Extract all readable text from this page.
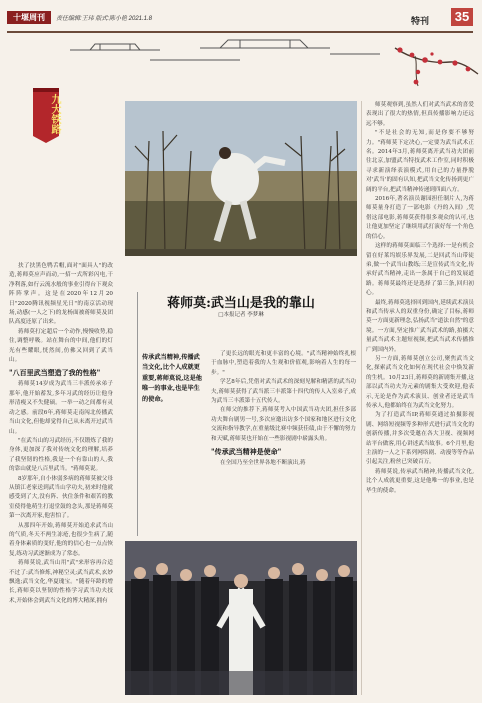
十堰周刊	责任编辑:王玮 版式:陈小艳 2021.1.8	特刊 35
九大铁路
蒋师莫:武当山是我的靠山
□本报记者 李梦琳

扶了扶黑色鸭舌帽,面对"面具人"的改造,蒋师莫应声而动,一招一式所彩闪电,干净利落,如行云流水般的事业引得台下观众阵阵掌声。这是在2020年12月20日"2020腾讯视频星光日"的南京活动现场,动感(一人之下)的龙杨面被蒋师莫及团队高度还原了出来。

蒋师莫打定超后一个动作,慢慢收势,稳住,调整呼吸。站在舞台的中间,他们的灯光有些耀眼,恍然间,仿佛又回到了武当山。

"八百里武当塑造了我的性格"

蒋师莫14岁成为武当三丰派传承弟子那年,他开始蓄发,多年习武的经历让他身形清瘦又不失健硕。一举一动之间都有灵动之感。前段6年,蒋师莫走南闯北传播武当山文化,但他却觉得自己从未离开过武当山。

"在武当山的习武经历,不仅锻炼了我的身体,更加深了我对传统文化的理解,培养了我坚韧的性格,我是一个有靠山的人,我的靠山就是八百里武当。"蒋师莫说。

8岁那年,自小体弱多病的蒋师莫被父母从镇江老家送到武当山学功夫,初来时他就感受到了大,没有阵、伙住条件和艰苦的教室使得他萌生打退堂鼓的念头,那是蒋师莫第一次离开家,他害怕了。

从那四年开始,蒋师莫开始追求武当山的气质,冬天不两生冻疮,也很少生病了,随着身体素质的变好,他的的信心也一点点恢复,练功习武逐渐成为了常态。

蒋师莫说,武当山用"武"来形容再合适不过了:武当修炼,神秘空灵;武当武术,玄妙飘逸;武当文化,华夏瑰宝。"随着年龄的增长,蒋师莫以坚韧的性格学习武当功夫技术,开始体会到武当文化的博大精深,拥有

传承武当精神,传播武当文化,比个人成就更重要,蒋师莫说,这是他唯一的事业,也是毕生的使命。

了更长远的眼光和更丰富的心境。"武当精神始终扎根于血脉中,塑造着我的人生观和价值观,影响着人生的每一步。"

学艺8年后,凭借对武当武术的深刻见解和精湛的武当功夫,蒋师莫获得了武当派三丰派第十四代的传人入室弟子,成为武当三丰派第十五代传人。

在师父的推荐下,蒋师莫考入中国武当功夫团,担任多部功夫舞台剧男一号,多次应邀出访多个国家和地区进行文化交流和指导教学,在重量级比赛中频获佳绩,由于不懈的努力和天赋,蒋师莫也开始在一些影视剧中崭露头角。

"传承武当精神是使命"

在全国乃至全世界各地不断演出,蒋

师莫观察到,虽然人们对武当武术的喜爱表现出了很大的热情,但真传播影响力还远远不够。

"不是社会的无知,而是你要不够努力。"蒋师莫下定决心,一定要为武当武术正名。2014年3月,蒋师莫离开武当功夫团前往北京,加盟武当特技武术工作室,同时积极寻求新演绎表演模式,用自己的力量挣脱对'武当'的固有认知,把武当文化传扬到更广阔的平台,把武当精神传递到四面八方。

2016年,著名演员谢园担任制片人,为蒋师莫量身打造了一部电影《丹的入间》,凭借这部电影,蒋师莫获得很多观众的认可,也让他更加坚定了继续用武打演好每一个角色的信心。

这样的蒋师莫面临三个选择:一是有机会留在好莱坞娱乐界发展,二是回武当山带徒弟,做一个武当山教练;三是宣传武当文化,传承好武当精神,走出一条属于自己的发展道路。蒋师莫最终还是选择了第三条,回归初心。

最终,蒋师莫选择回到国内,延续武术演员和武当传承人的双重身份,确定了目标,蒋师莫一方面更新理念,弘扬武当"道法自然"的意境。一方面,坚定推广武当武术的路,拍摄大量武当武术主题短视频,把武当武术传播推广到国内外。

另一方面,蒋师莫创立公司,聚焦武当文化,探索武当文化如何在现代社会中焕发新的生机。10月23日,蒋师莫的新剧集开播,这部以武当功夫为元素的剧集大受欢迎,他表示,无论是作为武术演员、创业者还是武当传承人,他都始终在为武当文化努力。

为了打造武当IP,蒋师莫通过拍摄影视剧、网络短视频等多种形式进行武当文化的创新传播,并多次受邀在各大卫视、视频网站平台做客,用心讲述武当故事。6个月里,他主演的一人之下系列网络剧、动漫等等作品引起关注,粉丝已突破百万。

蒋师莫说,传承武当精神,传播武当文化,比个人成就更重要,这是他唯一的事业,也是毕生的使命。
